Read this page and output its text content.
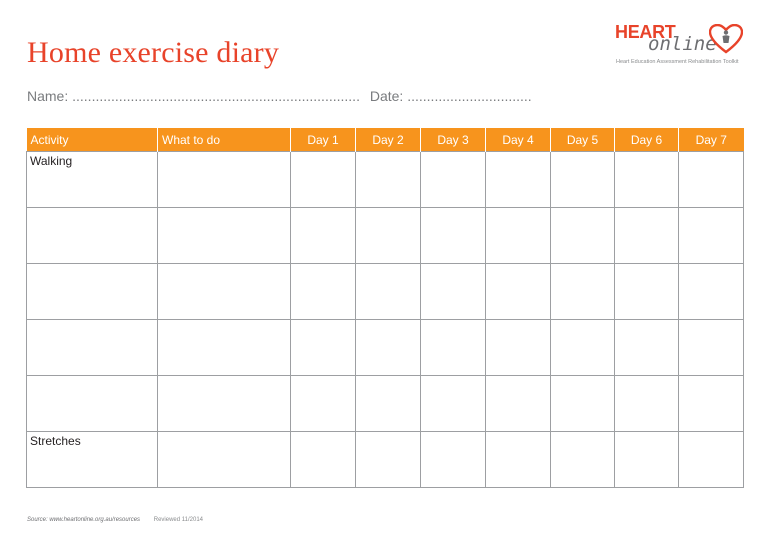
Home exercise diary
HEART
online
Heart Education Assessment Rehabilitation Toolkit
Name: .......................................................................... Date: ................................
Activity	What to do	Day 1	Day 2	Day 3	Day 4	Day 5	Day 6	Day 7
Walking								

Stretches								
Source: www.heartonline.org.au/resources Reviewed 11/2014
